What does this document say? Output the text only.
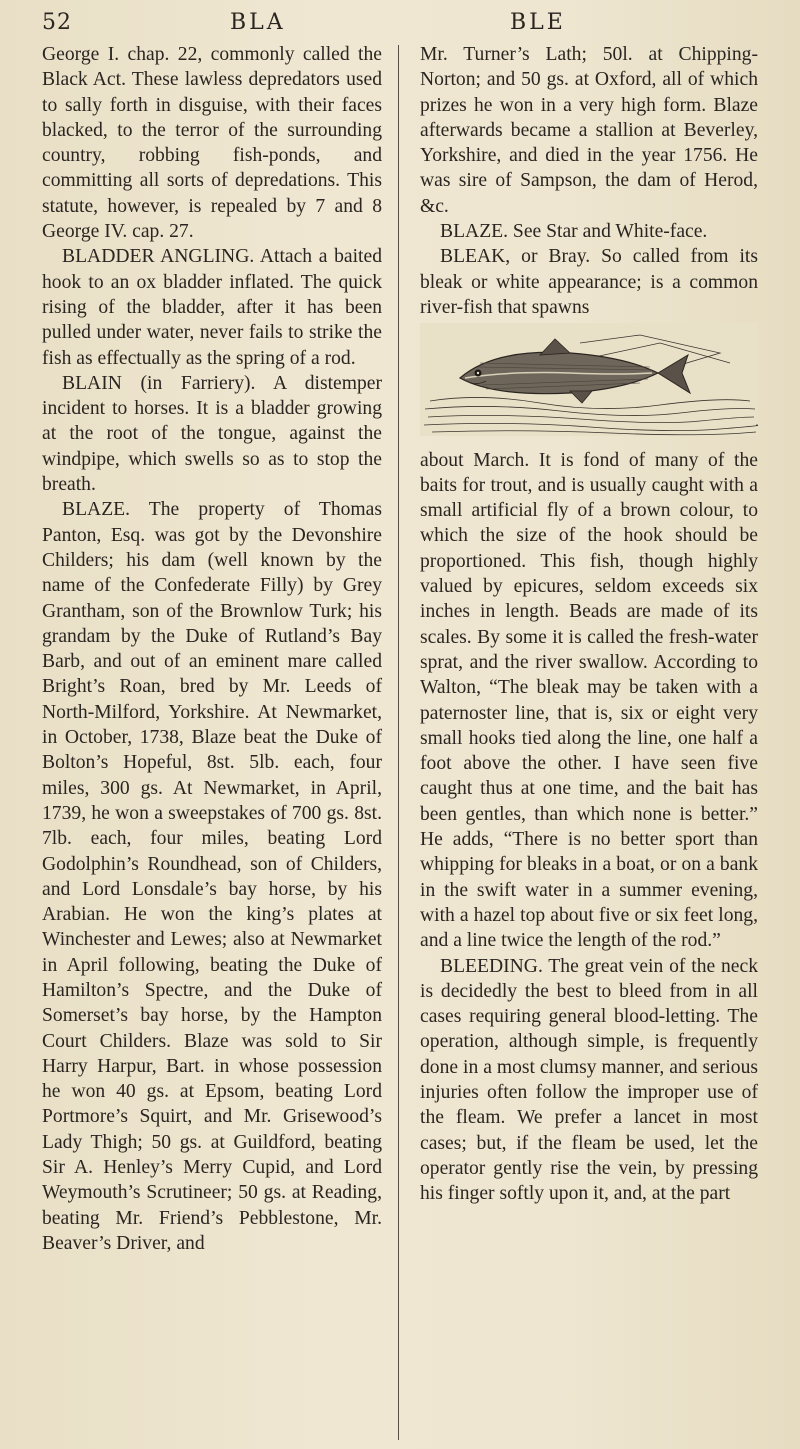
52	BLA	BLE

George I. chap. 22, commonly called the Black Act. These lawless depredators used to sally forth in disguise, with their faces blacked, to the terror of the surrounding country, robbing fish-ponds, and committing all sorts of depredations. This statute, however, is repealed by 7 and 8 George IV. cap. 27.

BLADDER ANGLING. Attach a baited hook to an ox bladder inflated. The quick rising of the bladder, after it has been pulled under water, never fails to strike the fish as effectually as the spring of a rod.

BLAIN (in Farriery). A distemper incident to horses. It is a bladder growing at the root of the tongue, against the windpipe, which swells so as to stop the breath.

BLAZE. The property of Thomas Panton, Esq. was got by the Devonshire Childers; his dam (well known by the name of the Confederate Filly) by Grey Grantham, son of the Brownlow Turk; his grandam by the Duke of Rutland’s Bay Barb, and out of an eminent mare called Bright’s Roan, bred by Mr. Leeds of North-Milford, Yorkshire. At Newmarket, in October, 1738, Blaze beat the Duke of Bolton’s Hopeful, 8st. 5lb. each, four miles, 300 gs. At Newmarket, in April, 1739, he won a sweepstakes of 700 gs. 8st. 7lb. each, four miles, beating Lord Godolphin’s Roundhead, son of Childers, and Lord Lonsdale’s bay horse, by his Arabian. He won the king’s plates at Winchester and Lewes; also at Newmarket in April following, beating the Duke of Hamilton’s Spectre, and the Duke of Somerset’s bay horse, by the Hampton Court Childers. Blaze was sold to Sir Harry Harpur, Bart. in whose possession he won 40 gs. at Epsom, beating Lord Portmore’s Squirt, and Mr. Grisewood’s Lady Thigh; 50 gs. at Guildford, beating Sir A. Henley’s Merry Cupid, and Lord Weymouth’s Scrutineer; 50 gs. at Reading, beating Mr. Friend’s Pebblestone, Mr. Beaver’s Driver, and

Mr. Turner’s Lath; 50l. at Chipping-Norton; and 50 gs. at Oxford, all of which prizes he won in a very high form. Blaze afterwards became a stallion at Beverley, Yorkshire, and died in the year 1756. He was sire of Sampson, the dam of Herod, &c.

BLAZE. See Star and White-face.

BLEAK, or Bray. So called from its bleak or white appearance; is a common river-fish that spawns

about March. It is fond of many of the baits for trout, and is usually caught with a small artificial fly of a brown colour, to which the size of the hook should be proportioned. This fish, though highly valued by epicures, seldom exceeds six inches in length. Beads are made of its scales. By some it is called the fresh-water sprat, and the river swallow. According to Walton, “The bleak may be taken with a paternoster line, that is, six or eight very small hooks tied along the line, one half a foot above the other. I have seen five caught thus at one time, and the bait has been gentles, than which none is better.” He adds, “There is no better sport than whipping for bleaks in a boat, or on a bank in the swift water in a summer evening, with a hazel top about five or six feet long, and a line twice the length of the rod.”

BLEEDING. The great vein of the neck is decidedly the best to bleed from in all cases requiring general blood-letting. The operation, although simple, is frequently done in a most clumsy manner, and serious injuries often follow the improper use of the fleam. We prefer a lancet in most cases; but, if the fleam be used, let the operator gently rise the vein, by pressing his finger softly upon it, and, at the part
